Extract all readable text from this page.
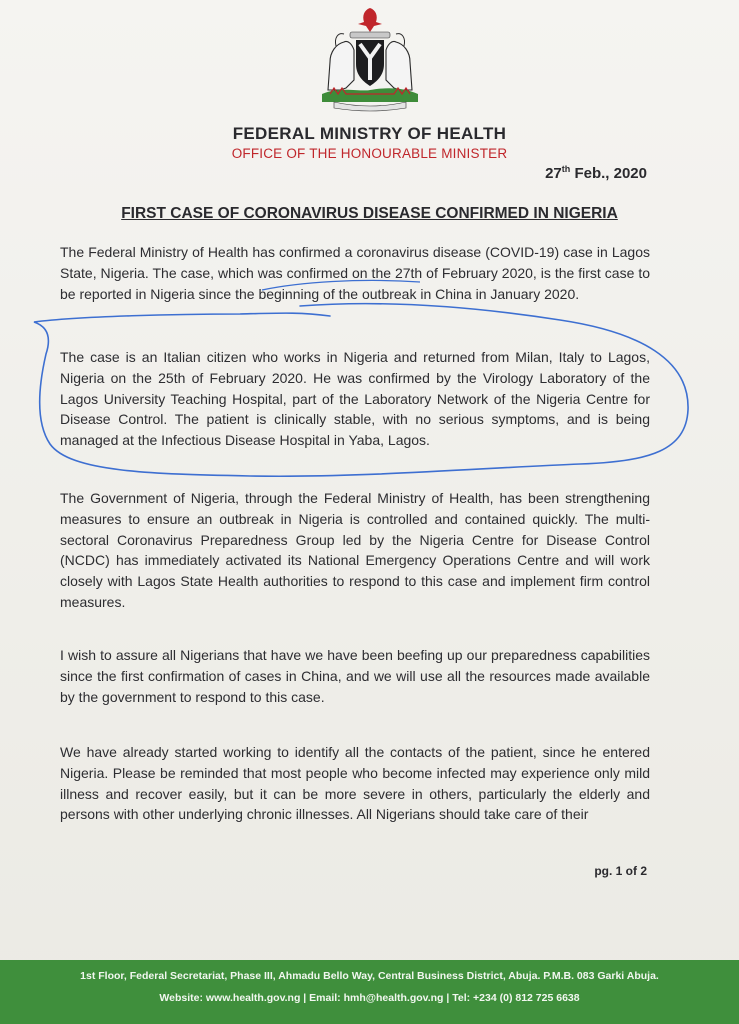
FEDERAL MINISTRY OF HEALTH
OFFICE OF THE HONOURABLE MINISTER
27th Feb., 2020
FIRST CASE OF CORONAVIRUS DISEASE CONFIRMED IN NIGERIA
The Federal Ministry of Health has confirmed a coronavirus disease (COVID-19) case in Lagos State, Nigeria. The case, which was confirmed on the 27th of February 2020, is the first case to be reported in Nigeria since the beginning of the outbreak in China in January 2020.
The case is an Italian citizen who works in Nigeria and returned from Milan, Italy to Lagos, Nigeria on the 25th of February 2020. He was confirmed by the Virology Laboratory of the Lagos University Teaching Hospital, part of the Laboratory Network of the Nigeria Centre for Disease Control. The patient is clinically stable, with no serious symptoms, and is being managed at the Infectious Disease Hospital in Yaba, Lagos.
The Government of Nigeria, through the Federal Ministry of Health, has been strengthening measures to ensure an outbreak in Nigeria is controlled and contained quickly. The multi-sectoral Coronavirus Preparedness Group led by the Nigeria Centre for Disease Control (NCDC) has immediately activated its National Emergency Operations Centre and will work closely with Lagos State Health authorities to respond to this case and implement firm control measures.
I wish to assure all Nigerians that have we have been beefing up our preparedness capabilities since the first confirmation of cases in China, and we will use all the resources made available by the government to respond to this case.
We have already started working to identify all the contacts of the patient, since he entered Nigeria. Please be reminded that most people who become infected may experience only mild illness and recover easily, but it can be more severe in others, particularly the elderly and persons with other underlying chronic illnesses. All Nigerians should take care of their
pg. 1 of 2
1st Floor, Federal Secretariat, Phase III, Ahmadu Bello Way, Central Business District, Abuja. P.M.B. 083 Garki Abuja.
Website: www.health.gov.ng | Email: hmh@health.gov.ng | Tel: +234 (0) 812 725 6638
